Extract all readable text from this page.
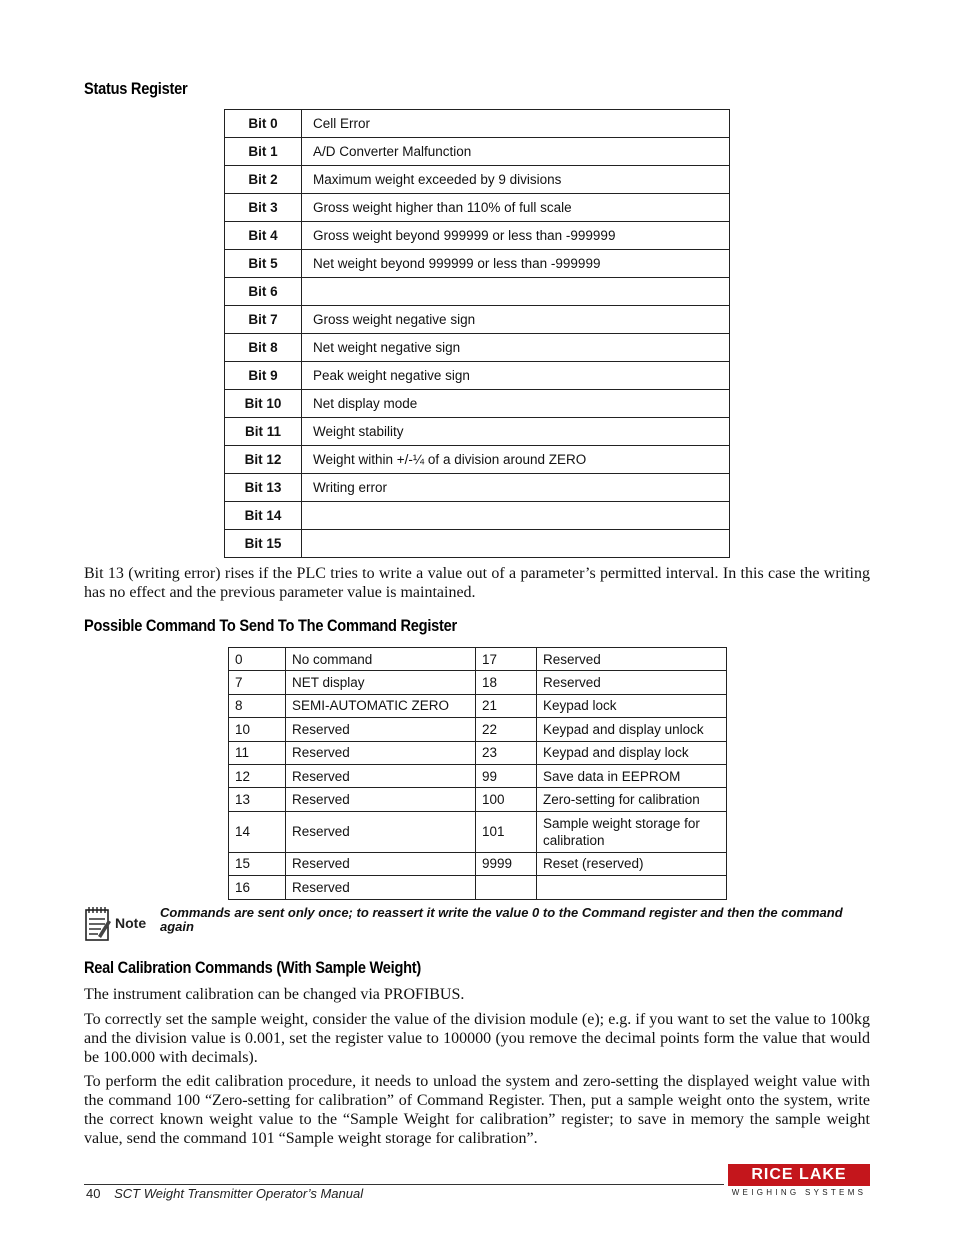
Status Register
Bit 0	Cell Error
Bit 1	A/D Converter Malfunction
Bit 2	Maximum weight exceeded by 9 divisions
Bit 3	Gross weight higher than 110% of full scale
Bit 4	Gross weight beyond 999999 or less than -999999
Bit 5	Net weight beyond 999999 or less than -999999
Bit 6	
Bit 7	Gross weight negative sign
Bit 8	Net weight negative sign
Bit 9	Peak weight negative sign
Bit 10	Net display mode
Bit 11	Weight stability
Bit 12	Weight within +/-¼ of a division around ZERO
Bit 13	Writing error
Bit 14	
Bit 15	

Bit 13 (writing error) rises if the PLC tries to write a value out of a parameter’s permitted interval. In this case the writing has no effect and the previous parameter value is maintained.

Possible Command To Send To The Command Register
0	No command	17	Reserved
7	NET display	18	Reserved
8	SEMI-AUTOMATIC ZERO	21	Keypad lock
10	Reserved	22	Keypad and display unlock
11	Reserved	23	Keypad and display lock
12	Reserved	99	Save data in EEPROM
13	Reserved	100	Zero-setting for calibration
14	Reserved	101	Sample weight storage for calibration
15	Reserved	9999	Reset (reserved)
16	Reserved		
Note

Commands are sent only once; to reassert it write the value 0 to the Command register and then the command again

Real Calibration Commands (With Sample Weight)

The instrument calibration can be changed via PROFIBUS.

To correctly set the sample weight, consider the value of the division module (e); e.g. if you want to set the value to 100kg and the division value is 0.001, set the register value to 100000 (you remove the decimal points form the value that would be 100.000 with decimals).

To perform the edit calibration procedure, it needs to unload the system and zero-setting the displayed weight value with the command 100 “Zero-setting for calibration” of Command Register. Then, put a sample weight onto the system, write the correct known weight value to the “Sample Weight for calibration” register; to save in memory the sample weight value, send the command 101 “Sample weight storage for calibration”.

40 SCT Weight Transmitter Operator’s Manual
RICE LAKE
WEIGHING SYSTEMS
